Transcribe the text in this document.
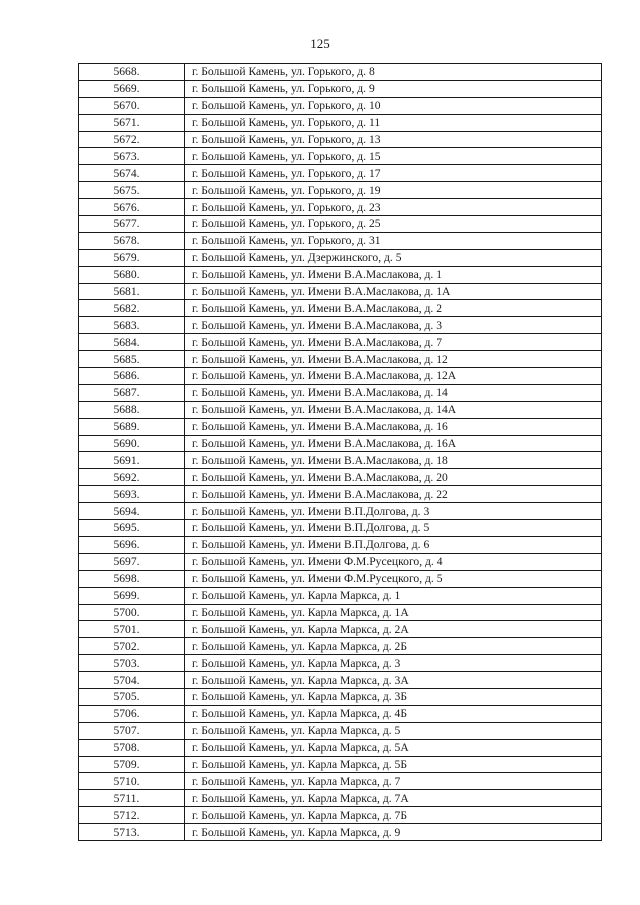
125
5668.	г. Большой Камень, ул. Горького, д. 8
5669.	г. Большой Камень, ул. Горького, д. 9
5670.	г. Большой Камень, ул. Горького, д. 10
5671.	г. Большой Камень, ул. Горького, д. 11
5672.	г. Большой Камень, ул. Горького, д. 13
5673.	г. Большой Камень, ул. Горького, д. 15
5674.	г. Большой Камень, ул. Горького, д. 17
5675.	г. Большой Камень, ул. Горького, д. 19
5676.	г. Большой Камень, ул. Горького, д. 23
5677.	г. Большой Камень, ул. Горького, д. 25
5678.	г. Большой Камень, ул. Горького, д. 31
5679.	г. Большой Камень, ул. Дзержинского, д. 5
5680.	г. Большой Камень, ул. Имени В.А.Маслакова, д. 1
5681.	г. Большой Камень, ул. Имени В.А.Маслакова, д. 1А
5682.	г. Большой Камень, ул. Имени В.А.Маслакова, д. 2
5683.	г. Большой Камень, ул. Имени В.А.Маслакова, д. 3
5684.	г. Большой Камень, ул. Имени В.А.Маслакова, д. 7
5685.	г. Большой Камень, ул. Имени В.А.Маслакова, д. 12
5686.	г. Большой Камень, ул. Имени В.А.Маслакова, д. 12А
5687.	г. Большой Камень, ул. Имени В.А.Маслакова, д. 14
5688.	г. Большой Камень, ул. Имени В.А.Маслакова, д. 14А
5689.	г. Большой Камень, ул. Имени В.А.Маслакова, д. 16
5690.	г. Большой Камень, ул. Имени В.А.Маслакова, д. 16А
5691.	г. Большой Камень, ул. Имени В.А.Маслакова, д. 18
5692.	г. Большой Камень, ул. Имени В.А.Маслакова, д. 20
5693.	г. Большой Камень, ул. Имени В.А.Маслакова, д. 22
5694.	г. Большой Камень, ул. Имени В.П.Долгова, д. 3
5695.	г. Большой Камень, ул. Имени В.П.Долгова, д. 5
5696.	г. Большой Камень, ул. Имени В.П.Долгова, д. 6
5697.	г. Большой Камень, ул. Имени Ф.М.Русецкого, д. 4
5698.	г. Большой Камень, ул. Имени Ф.М.Русецкого, д. 5
5699.	г. Большой Камень, ул. Карла Маркса, д. 1
5700.	г. Большой Камень, ул. Карла Маркса, д. 1А
5701.	г. Большой Камень, ул. Карла Маркса, д. 2А
5702.	г. Большой Камень, ул. Карла Маркса, д. 2Б
5703.	г. Большой Камень, ул. Карла Маркса, д. 3
5704.	г. Большой Камень, ул. Карла Маркса, д. 3А
5705.	г. Большой Камень, ул. Карла Маркса, д. 3Б
5706.	г. Большой Камень, ул. Карла Маркса, д. 4Б
5707.	г. Большой Камень, ул. Карла Маркса, д. 5
5708.	г. Большой Камень, ул. Карла Маркса, д. 5А
5709.	г. Большой Камень, ул. Карла Маркса, д. 5Б
5710.	г. Большой Камень, ул. Карла Маркса, д. 7
5711.	г. Большой Камень, ул. Карла Маркса, д. 7А
5712.	г. Большой Камень, ул. Карла Маркса, д. 7Б
5713.	г. Большой Камень, ул. Карла Маркса, д. 9
